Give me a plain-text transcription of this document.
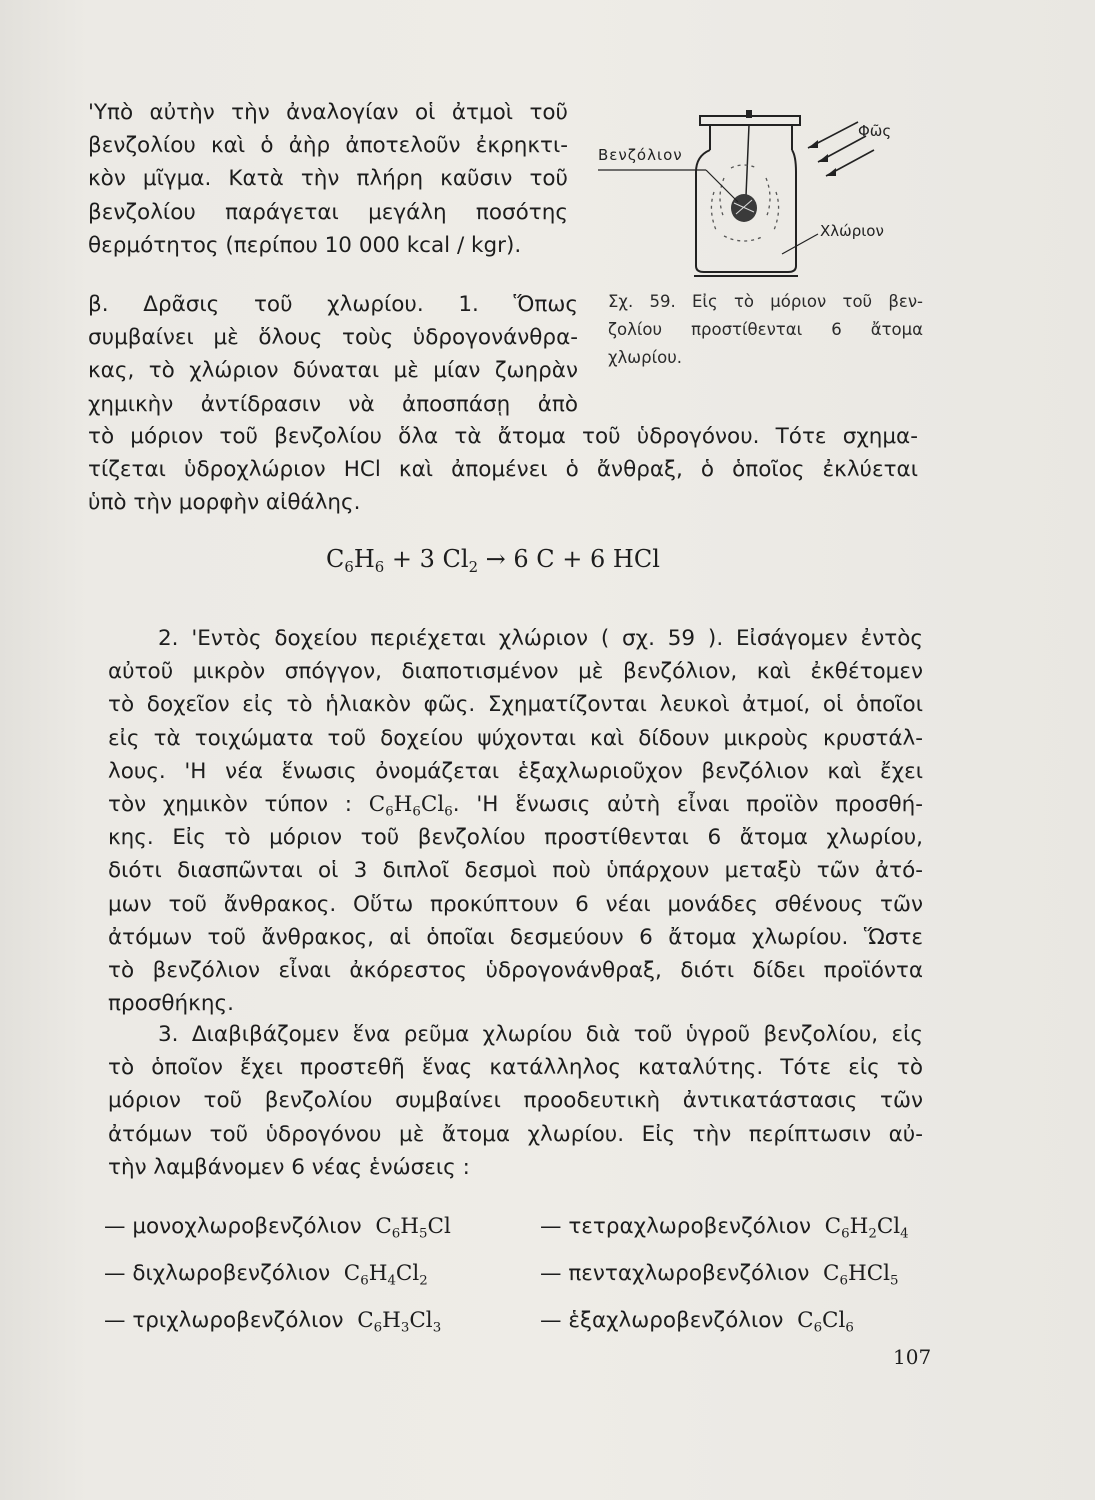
'Υπὸ αὐτὴν τὴν ἀναλογίαν οἱ ἀτμοὶ τοῦ
βενζολίου καὶ ὁ ἀὴρ ἀποτελοῦν ἐκρηκτι-
κὸν μῖγμα. Κατὰ τὴν πλήρη καῦσιν τοῦ
βενζολίου παράγεται μεγάλη ποσότης
θερμότητος (περίπου 10 000 kcal / kgr).

Βενζόλιον
Φῶς
Χλώριον
Σχ. 59. Εἰς τὸ μόριον τοῦ βεν-
ζολίου προστίθενται 6 ἄτομα
χλωρίου.

β. Δρᾶσις τοῦ χλωρίου. 1. Ὅπως
συμβαίνει μὲ ὅλους τοὺς ὑδρογονάνθρα-
κας, τὸ χλώριον δύναται μὲ μίαν ζωηρὰν
χημικὴν ἀντίδρασιν νὰ ἀποσπάσῃ ἀπὸ

τὸ μόριον τοῦ βενζολίου ὅλα τὰ ἄτομα τοῦ ὑδρογόνου. Τότε σχημα-
τίζεται ὑδροχλώριον HCl καὶ ἀπομένει ὁ ἄνθραξ, ὁ ὁποῖος ἐκλύεται
ὑπὸ τὴν μορφὴν αἰθάλης.

$C_6H_6 + 3$ $Cl_2 \to 6$ C + 6 HCl

2. 'Εντὸς δοχείου περιέχεται χλώριον ( σχ. 59 ). Εἰσάγομεν ἐντὸς
αὐτοῦ μικρὸν σπόγγον, διαποτισμένον μὲ βενζόλιον, καὶ ἐκθέτομεν
τὸ δοχεῖον εἰς τὸ ἡλιακὸν φῶς. Σχηματίζονται λευκοὶ ἀτμοί, οἱ ὁποῖοι
εἰς τὰ τοιχώματα τοῦ δοχείου ψύχονται καὶ δίδουν μικροὺς κρυστάλ-
λους. 'Η νέα ἕνωσις ὀνομάζεται ἑξαχλωριοῦχον βενζόλιον καὶ ἔχει
τὸν χημικὸν τύπον : $C_6H_6Cl_6$. 'Η ἕνωσις αὐτὴ εἶναι προϊὸν προσθή-
κης. Εἰς τὸ μόριον τοῦ βενζολίου προστίθενται 6 ἄτομα χλωρίου,
διότι διασπῶνται οἱ 3 διπλοῖ δεσμοὶ ποὺ ὑπάρχουν μεταξὺ τῶν ἀτό-
μων τοῦ ἄνθρακος. Οὕτω προκύπτουν 6 νέαι μονάδες σθένους τῶν
ἀτόμων τοῦ ἄνθρακος, αἱ ὁποῖαι δεσμεύουν 6 ἄτομα χλωρίου. Ὥστε
τὸ βενζόλιον εἶναι ἀκόρεστος ὑδρογονάνθραξ, διότι δίδει προϊόντα
προσθήκης.

3. Διαβιβάζομεν ἕνα ρεῦμα χλωρίου διὰ τοῦ ὑγροῦ βενζολίου, εἰς
τὸ ὁποῖον ἔχει προστεθῆ ἕνας κατάλληλος καταλύτης. Τότε εἰς τὸ
μόριον τοῦ βενζολίου συμβαίνει προοδευτικὴ ἀντικατάστασις τῶν
ἀτόμων τοῦ ὑδρογόνου μὲ ἄτομα χλωρίου. Εἰς τὴν περίπτωσιν αὐ-
τὴν λαμβάνομεν 6 νέας ἑνώσεις :

— μονοχλωροβενζόλιον $C_6H_5Cl$
— διχλωροβενζόλιον $C_6H_4Cl_2$
— τριχλωροβενζόλιον $C_6H_3Cl_3$
— τετραχλωροβενζόλιον $C_6H_2Cl_4$
— πενταχλωροβενζόλιον $C_6HCl_5$
— ἑξαχλωροβενζόλιον $C_6Cl_6$
107
